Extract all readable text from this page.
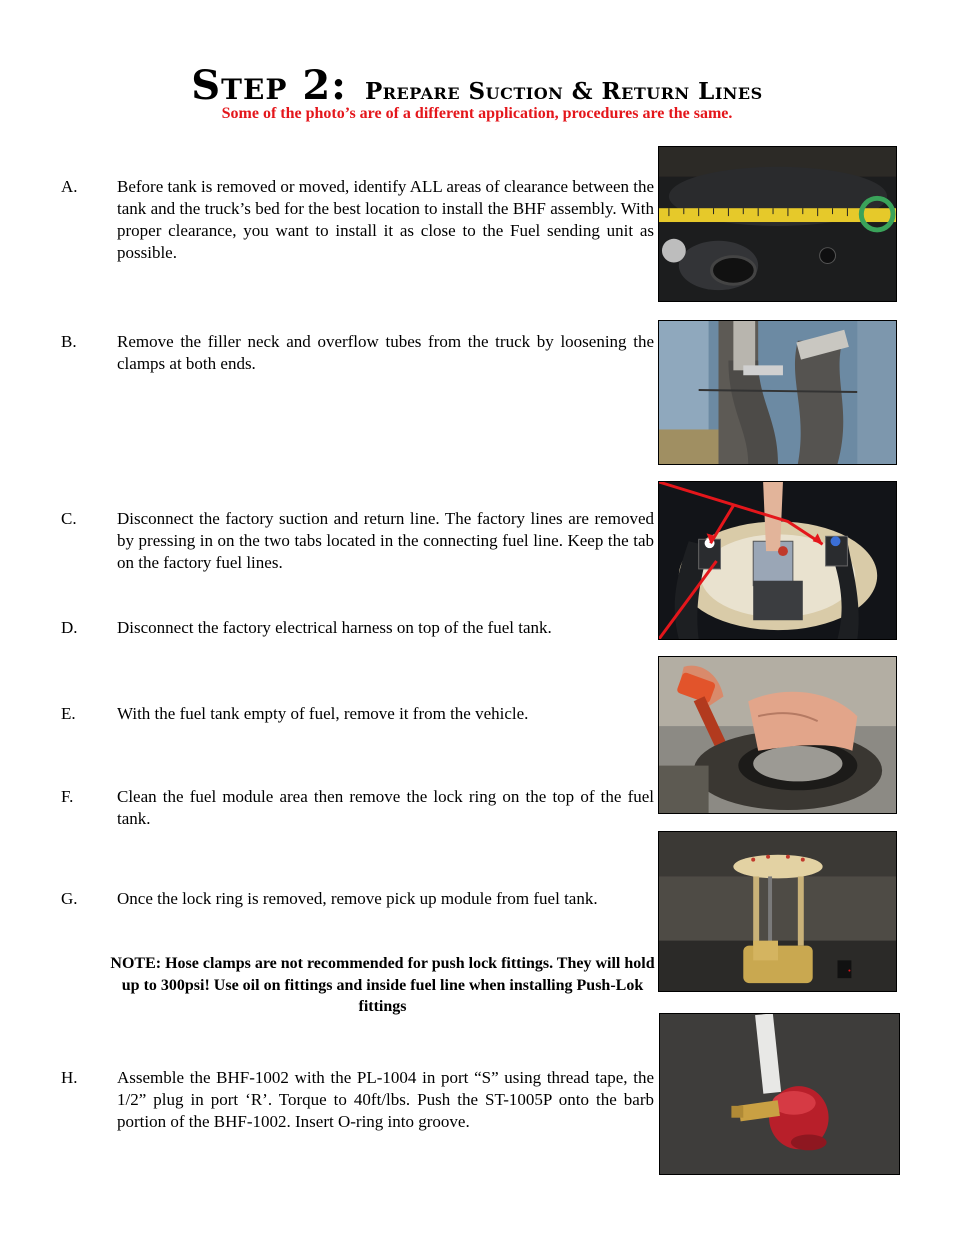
Step 2: Prepare Suction & Return Lines
Some of the photo’s are of a different application, procedures are the same.
A. Before tank is removed or moved, identify ALL areas of clearance between the tank and the truck’s bed for the best location to install the BHF assembly. With proper clearance, you want to install it as close to the Fuel sending unit as possible.
B. Remove the filler neck and overflow tubes from the truck by loosening the clamps at both ends.
C. Disconnect the factory suction and return line. The factory lines are removed by pressing in on the two tabs located in the connecting fuel line. Keep the tab on the factory fuel lines.
D. Disconnect the factory electrical harness on top of the fuel tank.
E. With the fuel tank empty of fuel, remove it from the vehicle.
F.	Clean the fuel module area then remove the lock ring on the top of the fuel tank.
G. Once the lock ring is removed, remove pick up module from fuel tank.
NOTE: Hose clamps are not recommended for push lock fittings. They will hold up to 300psi! Use oil on fittings and inside fuel line when installing Push-Lok fittings
H. Assemble the BHF-1002 with the PL-1004 in port “S” using thread tape, the 1/2” plug in port ‘R’. Torque to 40ft/lbs. Push the ST-1005P onto the barb portion of the BHF-1002. Insert O-ring into groove.
•
